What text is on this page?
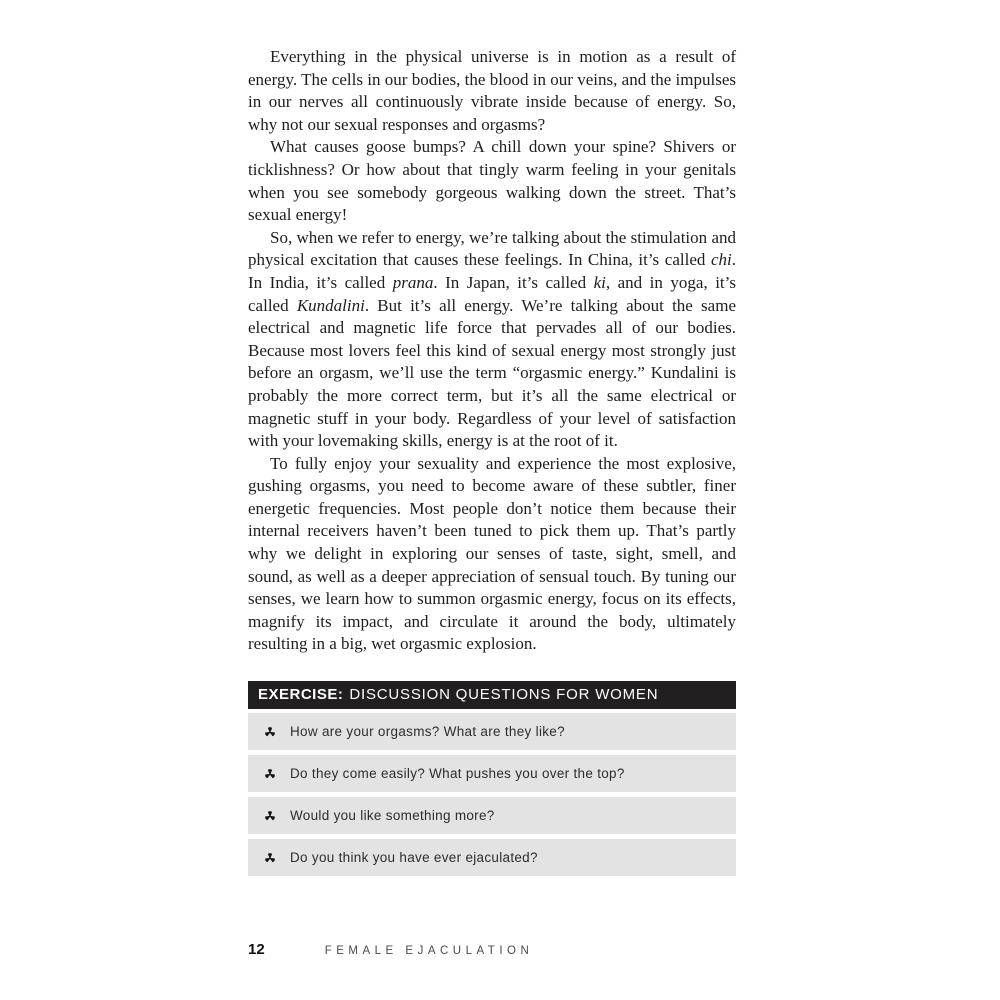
Everything in the physical universe is in motion as a result of energy. The cells in our bodies, the blood in our veins, and the impulses in our nerves all continuously vibrate inside because of energy. So, why not our sexual responses and orgasms?

What causes goose bumps? A chill down your spine? Shivers or ticklishness? Or how about that tingly warm feeling in your genitals when you see somebody gorgeous walking down the street. That’s sexual energy!

So, when we refer to energy, we’re talking about the stimulation and physical excitation that causes these feelings. In China, it’s called chi. In India, it’s called prana. In Japan, it’s called ki, and in yoga, it’s called Kundalini. But it’s all energy. We’re talking about the same electrical and magnetic life force that pervades all of our bodies. Because most lovers feel this kind of sexual energy most strongly just before an orgasm, we’ll use the term “orgasmic energy.” Kundalini is probably the more correct term, but it’s all the same electrical or magnetic stuff in your body. Regardless of your level of satisfaction with your lovemaking skills, energy is at the root of it.

To fully enjoy your sexuality and experience the most explosive, gushing orgasms, you need to become aware of these subtler, finer energetic frequencies. Most people don’t notice them because their internal receivers haven’t been tuned to pick them up. That’s partly why we delight in exploring our senses of taste, sight, smell, and sound, as well as a deeper appreciation of sensual touch. By tuning our senses, we learn how to summon orgasmic energy, focus on its effects, magnify its impact, and circulate it around the body, ultimately resulting in a big, wet orgasmic explosion.

EXERCISE: DISCUSSION QUESTIONS FOR WOMEN
How are your orgasms? What are they like?
Do they come easily? What pushes you over the top?
Would you like something more?
Do you think you have ever ejaculated?
12	FEMALE EJACULATION
